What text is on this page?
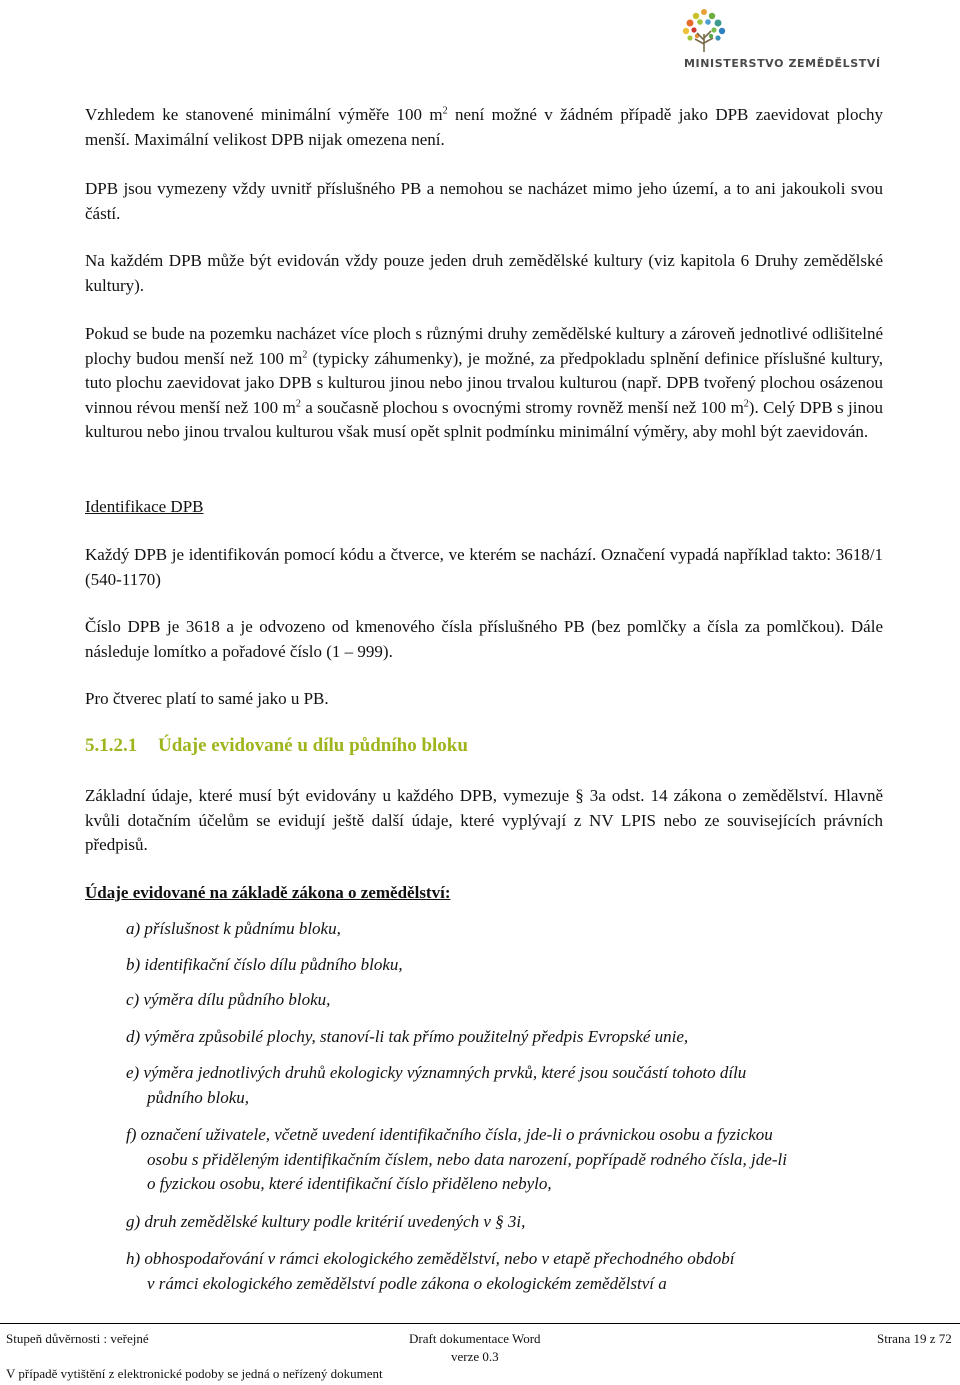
MINISTERSTVO ZEMĚDĚLSTVÍ

Vzhledem ke stanovené minimální výměře 100 $m^2$ není možné v žádném případě jako DPB zaevidovat plochy menší. Maximální velikost DPB nijak omezena není.

DPB jsou vymezeny vždy uvnitř příslušného PB a nemohou se nacházet mimo jeho území, a to ani jakoukoli svou částí.

Na každém DPB může být evidován vždy pouze jeden druh zemědělské kultury (viz kapitola 6 Druhy zemědělské kultury).

Pokud se bude na pozemku nacházet více ploch s různými druhy zemědělské kultury a zároveň jednotlivé odlišitelné plochy budou menší než 100 $m^2$ (typicky záhumenky), je možné, za předpokladu splnění definice příslušné kultury, tuto plochu zaevidovat jako DPB s kulturou jinou nebo jinou trvalou kulturou (např. DPB tvořený plochou osázenou vinnou révou menší než 100 $m^2$ a současně plochou s ovocnými stromy rovněž menší než 100 $m^2$). Celý DPB s jinou kulturou nebo jinou trvalou kulturou však musí opět splnit podmínku minimální výměry, aby mohl být zaevidován.

Identifikace DPB

Každý DPB je identifikován pomocí kódu a čtverce, ve kterém se nachází. Označení vypadá například takto: 3618/1 (540-1170)

Číslo DPB je 3618 a je odvozeno od kmenového čísla příslušného PB (bez pomlčky a čísla za pomlčkou). Dále následuje lomítko a pořadové číslo (1 – 999).

Pro čtverec platí to samé jako u PB.

5.1.2.1 Údaje evidované u dílu půdního bloku

Základní údaje, které musí být evidovány u každého DPB, vymezuje § 3a odst. 14 zákona o zemědělství. Hlavně kvůli dotačním účelům se evidují ještě další údaje, které vyplývají z NV LPIS nebo ze souvisejících právních předpisů.

Údaje evidované na základě zákona o zemědělství:

a) příslušnost k půdnímu bloku,

b) identifikační číslo dílu půdního bloku,

c) výměra dílu půdního bloku,

d) výměra způsobilé plochy, stanoví-li tak přímo použitelný předpis Evropské unie,

e) výměra jednotlivých druhů ekologicky významných prvků, které jsou součástí tohoto dílu
půdního bloku,

f) označení uživatele, včetně uvedení identifikačního čísla, jde-li o právnickou osobu a fyzickou
osobu s přiděleným identifikačním číslem, nebo data narození, popřípadě rodného čísla, jde-li
o fyzickou osobu, které identifikační číslo přiděleno nebylo,

g) druh zemědělské kultury podle kritérií uvedených v § 3i,

h) obhospodařování v rámci ekologického zemědělství, nebo v etapě přechodného období
v rámci ekologického zemědělství podle zákona o ekologickém zemědělství a

Stupeň důvěrnosti : veřejné	Draft dokumentace Word	Strana 19 z 72
verze 0.3
V případě vytištění z elektronické podoby se jedná o neřízený dokument
